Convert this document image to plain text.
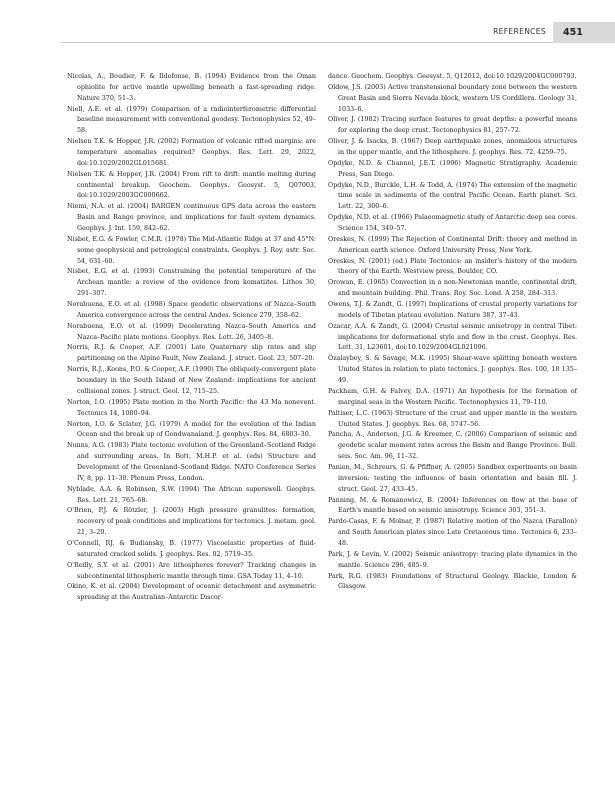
REFERENCES	451

Nicolas, A., Boudier, F. & Ildefonse, B. (1994) Evidence from the Oman ophiolite for active mantle upwelling beneath a fast-spreading ridge. Nature 370, 51–3.

Niell, A.E. et al. (1979) Comparison of a radiointerferometric differential baseline measurement with conventional geodesy. Tectonophysics 52, 49–58.

Nielsen T.K. & Hopper, J.R. (2002) Formation of volcanic rifted margins: are temperature anomalies required? Geophys. Res. Lett. 29, 2022, doi:10.1029/2002GL015681.

Nielsen T.K. & Hopper, J.R. (2004) From rift to drift: mantle melting during continental breakup. Geochem. Geophys. Geosyst. 5, Q07003, doi:10.1029/2003GC000662.

Niemi, N.A. et al. (2004) BARGEN continuous GPS data across the eastern Basin and Range province, and implications for fault system dynamics. Geophys. J. Int. 159, 842–62.

Nisbet, E.G. & Fowler, C.M.R. (1978) The Mid-Atlantic Ridge at 37 and 45°N: some geophysical and petrological constraints. Geophys. J. Roy. astr. Soc. 54, 631–60.

Nisbet, E.G. et al. (1993) Constraining the potential temperature of the Archean mantle: a review of the evidence from komatiites. Lithos 30, 291–307.

Norabuena, E.O. et al. (1998) Space geodetic observations of Nazca–South America convergence across the central Andes. Science 279, 358–62.

Norabuena, E.O. et al. (1999) Decelerating Nazca–South America and Nazca–Pacific plate motions. Geophys. Res. Lett. 26, 3405–8.

Norris, R.J. & Cooper, A.F. (2001) Late Quaternary slip rates and slip partitioning on the Alpine Fault, New Zealand. J. struct. Geol. 23, 507–20.

Norris, R.J., Koons, P.O. & Cooper, A.F. (1990) The obliquely-convergent plate boundary in the South Island of New Zealand: implications for ancient collisional zones. J. struct. Geol. 12, 715–25.

Norton, I.O. (1995) Plate motion in the North Pacific: the 43 Ma nonevent. Tectonics 14, 1080–94.

Norton, I.O. & Sclater, J.G. (1979) A model for the evolution of the Indian Ocean and the break up of Gondwanaland. J. geophys. Res. 84, 6803–30.

Nunns, A.G. (1983) Plate tectonic evolution of the Greenland–Scotland Ridge and surrounding areas. In Bott, M.H.P. et al. (eds) Structure and Development of the Greenland–Scotland Ridge. NATO Conference Series IV, 8, pp. 11–30. Plenum Press, London.

Nyblade, A.A. & Robinson, S.W. (1994) The African superswell. Geophys. Res. Lett. 21, 765–68.

O'Brien, P.J. & Rötzler, J. (2003) High pressure granulites: formation, recovery of peak conditions and implications for tectonics. J. metam. geol. 21, 3–20.

O'Connell, RJ. & Budiansky, B. (1977) Viscoelastic properties of fluid-saturated cracked solids. J. geophys. Res. 82, 5719–35.

O'Reilly, S.Y. et al. (2001) Are lithospheres forever? Tracking changes in subcontinental lithospheric mantle through time. GSA Today 11, 4–10.

Okino, K. et al. (2004) Development of oceanic detachment and asymmetric spreading at the Australian–Antarctic Discor-

dance. Geochem. Geophys. Geosyst. 5, Q12012, doi:10.1029/2004GC000793.

Oldow, J.S. (2003) Active transtensional boundary zone between the western Great Basin and Sierra Nevada block, western US Cordillera. Geology 31, 1033–6.

Oliver, J. (1982) Tracing surface features to great depths: a powerful means for exploring the deep crust. Tectonophysics 81, 257–72.

Oliver, J. & Isacks, B. (1967) Deep earthquake zones, anomalous structures in the upper mantle, and the lithosphere. J. geophys. Res. 72, 4259–75.

Opdyke, N.D. & Channel, J.E.T. (1996) Magnetic Stratigraphy. Academic Press, San Diego.

Opdyke, N.D., Burckle, L.H. & Todd, A. (1974) The extension of the magnetic time scale in sediments of the central Pacific Ocean. Earth planet. Sci. Lett. 22, 300–6.

Opdyke, N.D. et al. (1966) Palaeomagnetic study of Antarctic deep sea cores. Science 154, 349–57.

Oreskes, N. (1999) The Rejection of Continental Drift: theory and method in American earth science. Oxford University Press, New York.

Oreskes, N. (2001) (ed.) Plate Tectonics: an insider's history of the modern theory of the Earth. Westview press, Boulder, CO.

Orowan, E. (1965) Convection in a non-Newtonian mantle, continental drift, and mountain building. Phil. Trans. Roy. Soc. Lond. A 258, 284–313.

Owens, T.J. & Zandt, G. (1997) Implications of crustal property variations for models of Tibetan plateau evolution. Nature 387, 37–43.

Ozacar, A.A. & Zandt, G. (2004) Crustal seismic anisotropy in central Tibet: implications for deformational style and flow in the crust. Geophys. Res. Lett. 31, L23601, doi:10.1029/2004GL021096.

Özalaybey, S. & Savage, M.K. (1995) Shear-wave splitting beneath western United States in relation to plate tectonics. J. geophys. Res. 100, 18 135–49.

Packham, G.H. & Falvey, D.A. (1971) An hypothesis for the formation of marginal seas in the Western Pacific. Tectonophysics 11, 79–110.

Paltiser, L.C. (1963) Structure of the crust and upper mantle in the western United States. J. geophys. Res. 68, 5747–56.

Pancha, A., Anderson, J.G. & Kreemer, C. (2006) Comparison of seismic and geodetic scalar moment rates across the Basin and Range Province. Bull. seis. Soc. Am. 96, 11–32.

Panien, M., Schreurs, G. & Pfiffner, A. (2005) Sandbox experiments on basin inversion: testing the influence of basin orientation and basin fill. J. struct. Geol. 27, 433–45.

Panning, M. & Romanowicz, B. (2004) Inferences on flow at the base of Earth's mantle based on seismic anisotropy. Science 303, 351–3.

Pardo-Casas, F. & Molnar, P. (1987) Relative motion of the Nazca (Farallon) and South American plates since Late Cretaceous time. Tectonics 6, 233–48.

Park, J. & Levin, V. (2002) Seismic anisotropy: tracing plate dynamics in the mantle. Science 296, 485–9.

Park, R.G. (1983) Foundations of Structural Geology. Blackie, London & Glasgow.
